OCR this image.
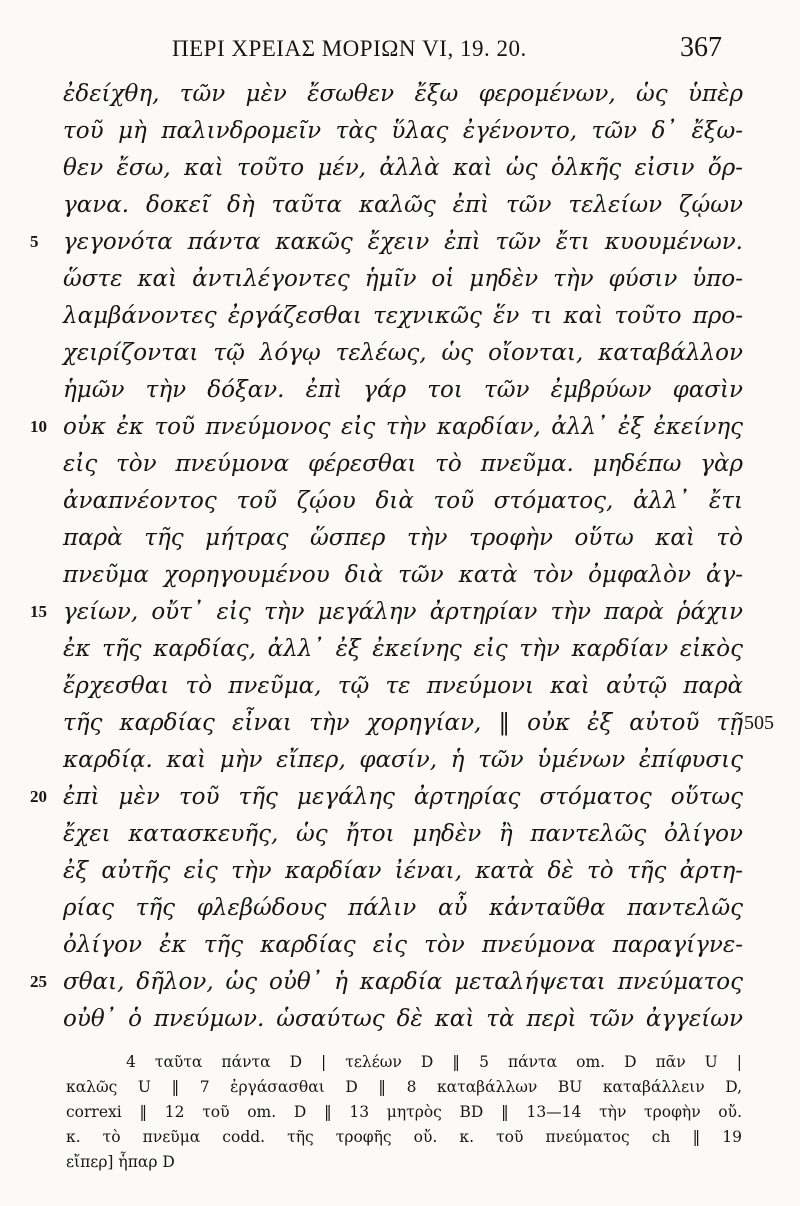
ΠΕΡΙ ΧΡΕΙΑΣ ΜΟΡΙΩΝ VI, 19. 20.	367
ἐδείχθη, τῶν μὲν ἔσωθεν ἔξω φερομένων, ὡς ὑπὲρ
τοῦ μὴ παλινδρομεῖν τὰς ὕλας ἐγένοντο, τῶν δ᾽ ἔξω-
θεν ἔσω, καὶ τοῦτο μέν, ἀλλὰ καὶ ὡς ὁλκῆς εἰσιν ὄρ-
γανα. δοκεῖ δὴ ταῦτα καλῶς ἐπὶ τῶν τελείων ζῴων
5	γεγονότα πάντα κακῶς ἔχειν ἐπὶ τῶν ἔτι κυουμένων.
ὥστε καὶ ἀντιλέγοντες ἡμῖν οἱ μηδὲν τὴν φύσιν ὑπο-
λαμβάνοντες ἐργάζεσθαι τεχνικῶς ἕν τι καὶ τοῦτο προ-
χειρίζονται τῷ λόγῳ τελέως, ὡς οἴονται, καταβάλλον
ἡμῶν τὴν δόξαν. ἐπὶ γάρ τοι τῶν ἐμβρύων φασὶν
10 οὐκ ἐκ τοῦ πνεύμονος εἰς τὴν καρδίαν, ἀλλ᾽ ἐξ ἐκείνης
εἰς τὸν πνεύμονα φέρεσθαι τὸ πνεῦμα. μηδέπω γὰρ
ἀναπνέοντος τοῦ ζῴου διὰ τοῦ στόματος, ἀλλ᾽ ἔτι
παρὰ τῆς μήτρας ὥσπερ τὴν τροφὴν οὕτω καὶ τὸ
πνεῦμα χορηγουμένου διὰ τῶν κατὰ τὸν ὀμφαλὸν ἀγ-
15 γείων, οὔτ᾽ εἰς τὴν μεγάλην ἀρτηρίαν τὴν παρὰ ῥάχιν
ἐκ τῆς καρδίας, ἀλλ᾽ ἐξ ἐκείνης εἰς τὴν καρδίαν εἰκὸς
ἔρχεσθαι τὸ πνεῦμα, τῷ τε πνεύμονι καὶ αὐτῷ παρὰ
τῆς καρδίας εἶναι τὴν χορηγίαν, ‖ οὐκ ἐξ αὐτοῦ τῇ 505
καρδίᾳ. καὶ μὴν εἴπερ, φασίν, ἡ τῶν ὑμένων ἐπίφυσις
20 ἐπὶ μὲν τοῦ τῆς μεγάλης ἀρτηρίας στόματος οὕτως
ἔχει κατασκευῆς, ὡς ἤτοι μηδὲν ἢ παντελῶς ὀλίγον
ἐξ αὐτῆς εἰς τὴν καρδίαν ἰέναι, κατὰ δὲ τὸ τῆς ἀρτη-
ρίας τῆς φλεβώδους πάλιν αὖ κἀνταῦθα παντελῶς
ὀλίγον ἐκ τῆς καρδίας εἰς τὸν πνεύμονα παραγίγνε-
25 σθαι, δῆλον, ὡς οὐθ᾽ ἡ καρδία μεταλήψεται πνεύματος
οὐθ᾽ ὁ πνεύμων. ὡσαύτως δὲ καὶ τὰ περὶ τῶν ἀγγείων
4 ταῦτα πάντα D | τελέων D ‖ 5 πάντα om. D πᾶν U |
καλῶς U ‖ 7 ἐργάσασθαι D ‖ 8 καταβάλλων BU καταβάλλειν D,
correxi ‖ 12 τοῦ om. D ‖ 13 μητρὸς BD ‖ 13—14 τὴν τροφὴν οὔ.
κ. τὸ πνεῦμα codd. τῆς τροφῆς οὔ. κ. τοῦ πνεύματος ch ‖ 19
εἴπερ] ἧπαρ D
